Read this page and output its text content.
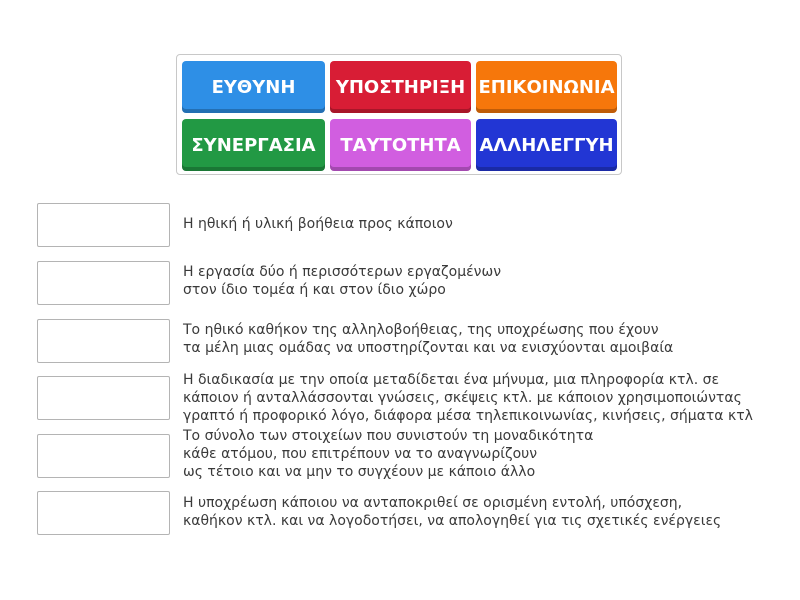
ΕΥΘΥΝΗ	ΥΠΟΣΤΗΡΙΞΗ ΕΠΙΚΟΙΝΩΝΙΑ
ΣΥΝΕΡΓΑΣΙΑ	ΤΑΥΤΟΤΗΤΑ	ΑΛΛΗΛΕΓΓΥΗ
Η ηθική ή υλική βοήθεια προς κάποιον
Η εργασία δύο ή περισσότερων εργαζομένων
στον ίδιο τομέα ή και στον ίδιο χώρο
Το ηθικό καθήκον της αλληλοβοήθειας, της υποχρέωσης που έχουν
τα μέλη μιας ομάδας να υποστηρίζονται και να ενισχύονται αμοιβαία
Η διαδικασία με την οποία μεταδίδεται ένα μήνυμα, μια πληροφορία κτλ. σε
κάποιον ή ανταλλάσσονται γνώσεις, σκέψεις κτλ. με κάποιον χρησιμοποιώντας
γραπτό ή προφορικό λόγο, διάφορα μέσα τηλεπικοινωνίας, κινήσεις, σήματα κτλ
Το σύνολο των στοιχείων που συνιστούν τη μοναδικότητα
κάθε ατόμου, που επιτρέπουν να το αναγνωρίζουν
ως τέτοιο και να μην το συγχέουν με κάποιο άλλο
Η υποχρέωση κάποιου να ανταποκριθεί σε ορισμένη εντολή, υπόσχεση,
καθήκον κτλ. και να λογοδοτήσει, να απολογηθεί για τις σχετικές ενέργειες
